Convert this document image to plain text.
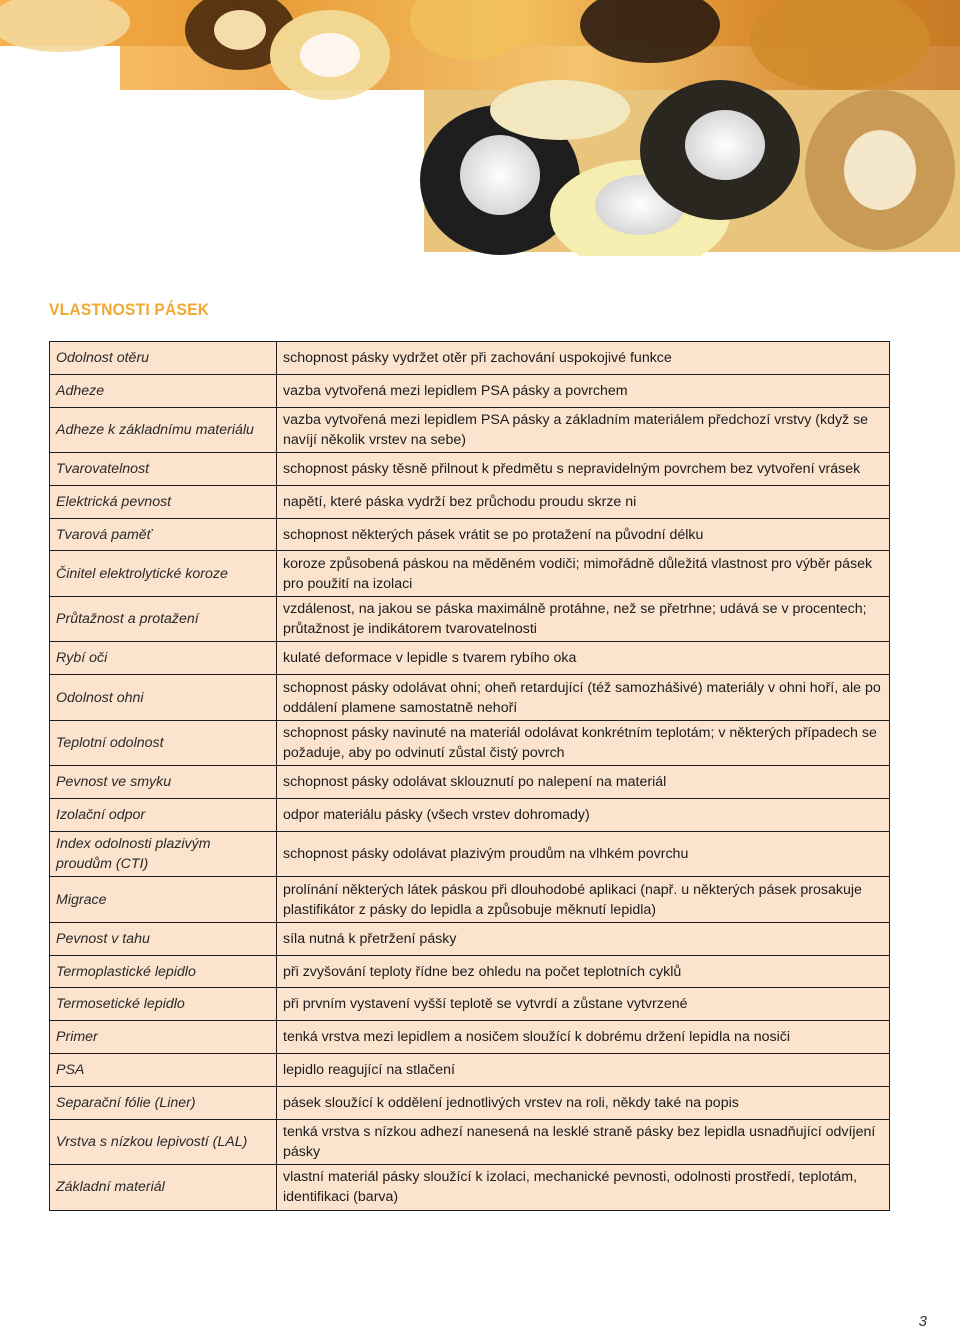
VLASTNOSTI PÁSEK
Odolnost otěru	schopnost pásky vydržet otěr při zachování uspokojivé funkce
Adheze	vazba vytvořená mezi lepidlem PSA pásky a povrchem
Adheze k základnímu materiálu	vazba vytvořená mezi lepidlem PSA pásky a základním materiálem předchozí vrstvy (když se navíjí několik vrstev na sebe)
Tvarovatelnost	schopnost pásky těsně přilnout k předmětu s nepravidelným povrchem bez vytvoření vrásek
Elektrická pevnost	napětí, které páska vydrží bez průchodu proudu skrze ni
Tvarová paměť	schopnost některých pásek vrátit se po protažení na původní délku
Činitel elektrolytické koroze	koroze způsobená páskou na měděném vodiči; mimořádně důležitá vlastnost pro výběr pásek pro použití na izolaci
Průtažnost a protažení	vzdálenost, na jakou se páska maximálně protáhne, než se přetrhne; udává se v procentech; průtažnost je indikátorem tvarovatelnosti
Rybí oči	kulaté deformace v lepidle s tvarem rybího oka
Odolnost ohni	schopnost pásky odolávat ohni; oheň retardující (též samozhášivé) materiály v ohni hoří, ale po oddálení plamene samostatně nehoří
Teplotní odolnost	schopnost pásky navinuté na materiál odolávat konkrétním teplotám; v některých případech se požaduje, aby po odvinutí zůstal čistý povrch
Pevnost ve smyku	schopnost pásky odolávat sklouznutí po nalepení na materiál
Izolační odpor	odpor materiálu pásky (všech vrstev dohromady)
Index odolnosti plazivým proudům (CTI)	schopnost pásky odolávat plazivým proudům na vlhkém povrchu
Migrace	prolínání některých látek páskou při dlouhodobé aplikaci (např. u některých pásek prosakuje plastifikátor z pásky do lepidla a způsobuje měknutí lepidla)
Pevnost v tahu	síla nutná k přetržení pásky
Termoplastické lepidlo	při zvyšování teploty řídne bez ohledu na počet teplotních cyklů
Termosetické lepidlo	při prvním vystavení vyšší teplotě se vytvrdí a zůstane vytvrzené
Primer	tenká vrstva mezi lepidlem a nosičem sloužící k dobrému držení lepidla na nosiči
PSA	lepidlo reagující na stlačení
Separační fólie (Liner)	pásek sloužící k oddělení jednotlivých vrstev na roli, někdy také na popis
Vrstva s nízkou lepivostí (LAL)	tenká vrstva s nízkou adhezí nanesená na lesklé straně pásky bez lepidla usnadňující odvíjení pásky
Základní materiál	vlastní materiál pásky sloužící k izolaci, mechanické pevnosti, odolnosti prostředí, teplotám, identifikaci (barva)
3
